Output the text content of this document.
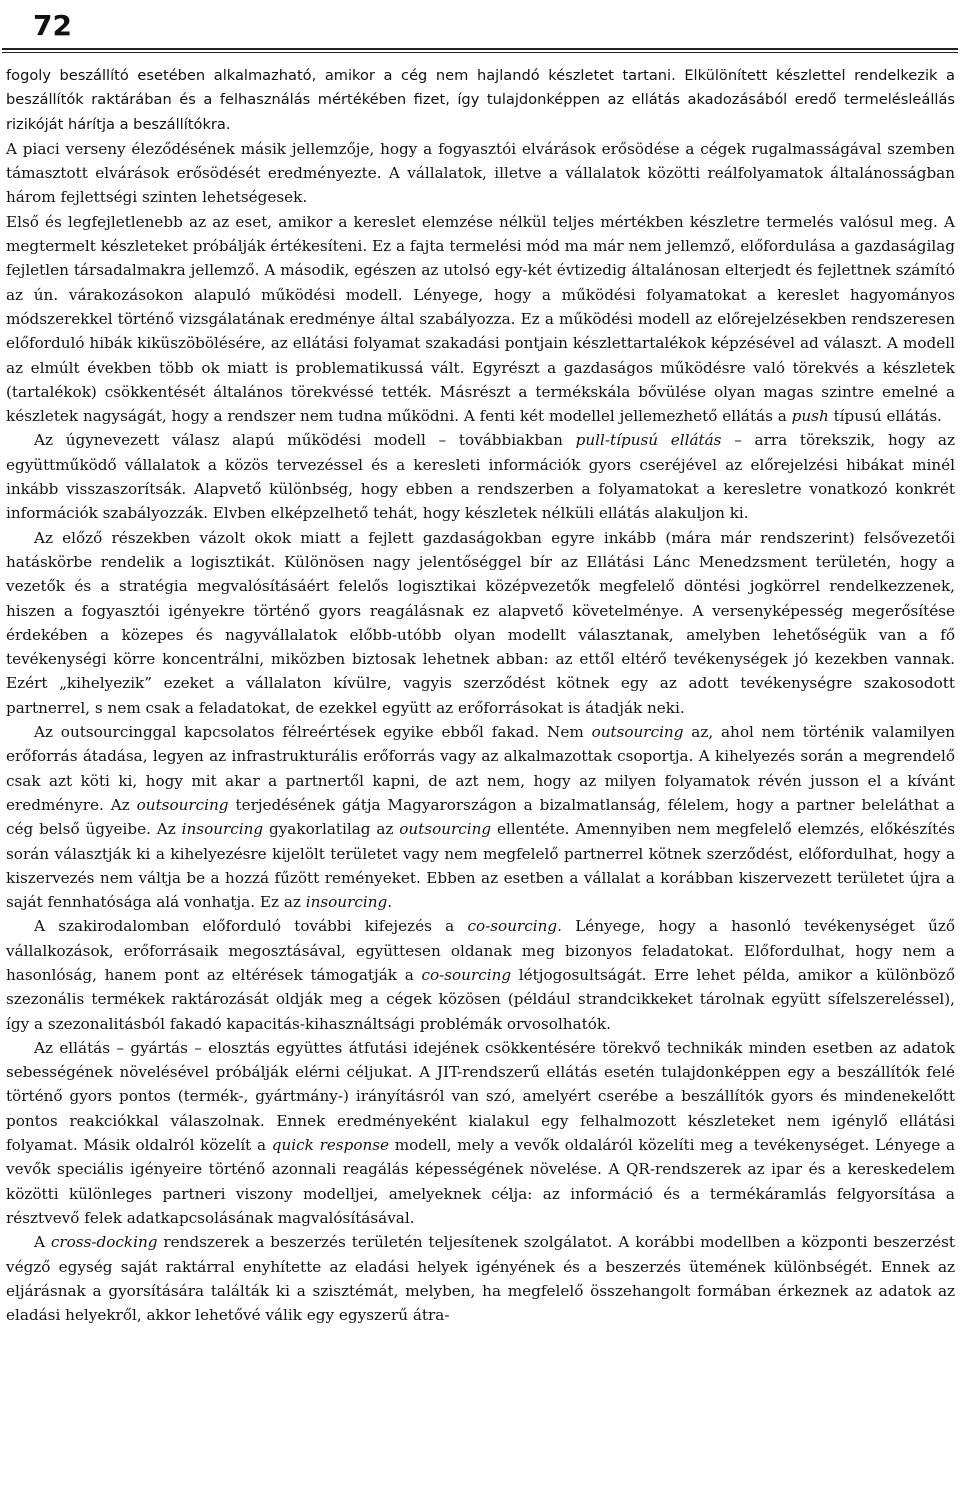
72

fogoly beszállító esetében alkalmazható, amikor a cég nem hajlandó készletet tartani. Elkülönített készlettel rendelkezik a beszállítók raktárában és a felhasználás mértékében fizet, így tulajdonképpen az ellátás akadozásából eredő termelésleállás rizikóját hárítja a beszállítókra.

A piaci verseny éleződésének másik jellemzője, hogy a fogyasztói elvárások erősödése a cégek rugalmasságával szemben támasztott elvárások erősödését eredményezte. A vállalatok, illetve a vállalatok közötti reálfolyamatok általánosságban három fejlettségi szinten lehetségesek.

Első és legfejletlenebb az az eset, amikor a kereslet elemzése nélkül teljes mértékben készletre termelés valósul meg. A megtermelt készleteket próbálják értékesíteni. Ez a fajta termelési mód ma már nem jellemző, előfordulása a gazdaságilag fejletlen társadalmakra jellemző. A második, egészen az utolsó egy-két évtizedig általánosan elterjedt és fejlettnek számító az ún. várakozásokon alapuló működési modell. Lényege, hogy a működési folyamatokat a kereslet hagyományos módszerekkel történő vizsgálatának eredménye által szabályozza. Ez a működési modell az előrejelzésekben rendszeresen előforduló hibák kiküszöbölésére, az ellátási folyamat szakadási pontjain készlettartalékok képzésével ad választ. A modell az elmúlt években több ok miatt is problematikussá vált. Egyrészt a gazdaságos működésre való törekvés a készletek (tartalékok) csökkentését általános törekvéssé tették. Másrészt a termékskála bővülése olyan magas szintre emelné a készletek nagyságát, hogy a rendszer nem tudna működni. A fenti két modellel jellemezhető ellátás a push típusú ellátás.

Az úgynevezett válasz alapú működési modell – továbbiakban pull-típusú ellátás – arra törekszik, hogy az együttműködő vállalatok a közös tervezéssel és a keresleti információk gyors cseréjével az előrejelzési hibákat minél inkább visszaszorítsák. Alapvető különbség, hogy ebben a rendszerben a folyamatokat a keresletre vonatkozó konkrét információk szabályozzák. Elvben elképzelhető tehát, hogy készletek nélküli ellátás alakuljon ki.

Az előző részekben vázolt okok miatt a fejlett gazdaságokban egyre inkább (mára már rendszerint) felsővezetői hatáskörbe rendelik a logisztikát. Különösen nagy jelentőséggel bír az Ellátási Lánc Menedzsment területén, hogy a vezetők és a stratégia megvalósításáért felelős logisztikai középvezetők megfelelő döntési jogkörrel rendelkezzenek, hiszen a fogyasztói igényekre történő gyors reagálásnak ez alapvető követelménye. A versenyképesség megerősítése érdekében a közepes és nagyvállalatok előbb-utóbb olyan modellt választanak, amelyben lehetőségük van a fő tevékenységi körre koncentrálni, miközben biztosak lehetnek abban: az ettől eltérő tevékenységek jó kezekben vannak. Ezért „kihelyezik” ezeket a vállalaton kívülre, vagyis szerződést kötnek egy az adott tevékenységre szakosodott partnerrel, s nem csak a feladatokat, de ezekkel együtt az erőforrásokat is átadják neki.

Az outsourcinggal kapcsolatos félreértések egyike ebből fakad. Nem outsourcing az, ahol nem történik valamilyen erőforrás átadása, legyen az infrastrukturális erőforrás vagy az alkalmazottak csoportja. A kihelyezés során a megrendelő csak azt köti ki, hogy mit akar a partnertől kapni, de azt nem, hogy az milyen folyamatok révén jusson el a kívánt eredményre. Az outsourcing terjedésének gátja Magyarországon a bizalmatlanság, félelem, hogy a partner beleláthat a cég belső ügyeibe. Az insourcing gyakorlatilag az outsourcing ellentéte. Amennyiben nem megfelelő elemzés, előkészítés során választják ki a kihelyezésre kijelölt területet vagy nem megfelelő partnerrel kötnek szerződést, előfordulhat, hogy a kiszervezés nem váltja be a hozzá fűzött reményeket. Ebben az esetben a vállalat a korábban kiszervezett területet újra a saját fennhatósága alá vonhatja. Ez az insourcing.

A szakirodalomban előforduló további kifejezés a co-sourcing. Lényege, hogy a hasonló tevékenységet űző vállalkozások, erőforrásaik megosztásával, együttesen oldanak meg bizonyos feladatokat. Előfordulhat, hogy nem a hasonlóság, hanem pont az eltérések támogatják a co-sourcing létjogosultságát. Erre lehet példa, amikor a különböző szezonális termékek raktározását oldják meg a cégek közösen (például strandcikkeket tárolnak együtt sífelszereléssel), így a szezonalitásból fakadó kapacitás-kihasználtsági problémák orvosolhatók.

Az ellátás – gyártás – elosztás együttes átfutási idejének csökkentésére törekvő technikák minden esetben az adatok sebességének növelésével próbálják elérni céljukat. A JIT-rendszerű ellátás esetén tulajdonképpen egy a beszállítók felé történő gyors pontos (termék-, gyártmány-) irányításról van szó, amelyért cserébe a beszállítók gyors és mindenekelőtt pontos reakciókkal válaszolnak. Ennek eredményeként kialakul egy felhalmozott készleteket nem igénylő ellátási folyamat. Másik oldalról közelít a quick response modell, mely a vevők oldaláról közelíti meg a tevékenységet. Lényege a vevők speciális igényeire történő azonnali reagálás képességének növelése. A QR-rendszerek az ipar és a kereskedelem közötti különleges partneri viszony modelljei, amelyeknek célja: az információ és a termékáramlás felgyorsítása a résztvevő felek adatkapcsolásának magvalósításával.

A cross-docking rendszerek a beszerzés területén teljesítenek szolgálatot. A korábbi modellben a központi beszerzést végző egység saját raktárral enyhítette az eladási helyek igényének és a beszerzés ütemének különbségét. Ennek az eljárásnak a gyorsítására találták ki a szisztémát, melyben, ha megfelelő összehangolt formában érkeznek az adatok az eladási helyekről, akkor lehetővé válik egy egyszerű átra-
